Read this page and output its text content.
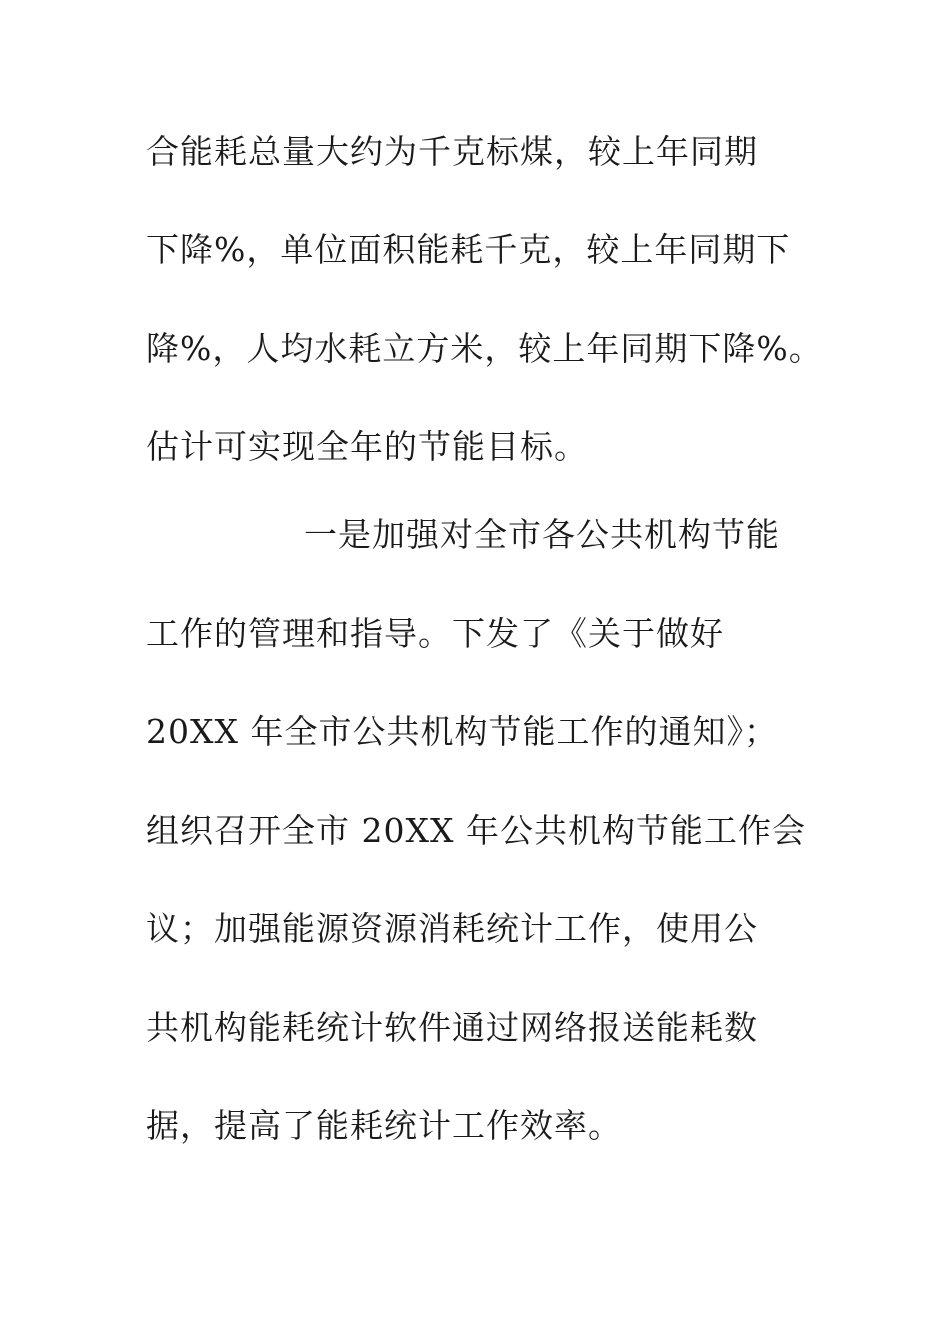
合能耗总量大约为千克标煤，较上年同期
下降%，单位面积能耗千克，较上年同期下
降%，人均水耗立方米，较上年同期下降%。
估计可实现全年的节能目标。
一是加强对全市各公共机构节能
工作的管理和指导。下发了《关于做好
20XX 年全市公共机构节能工作的通知》；
组织召开全市 20XX 年公共机构节能工作会
议；加强能源资源消耗统计工作，使用公
共机构能耗统计软件通过网络报送能耗数
据，提高了能耗统计工作效率。
